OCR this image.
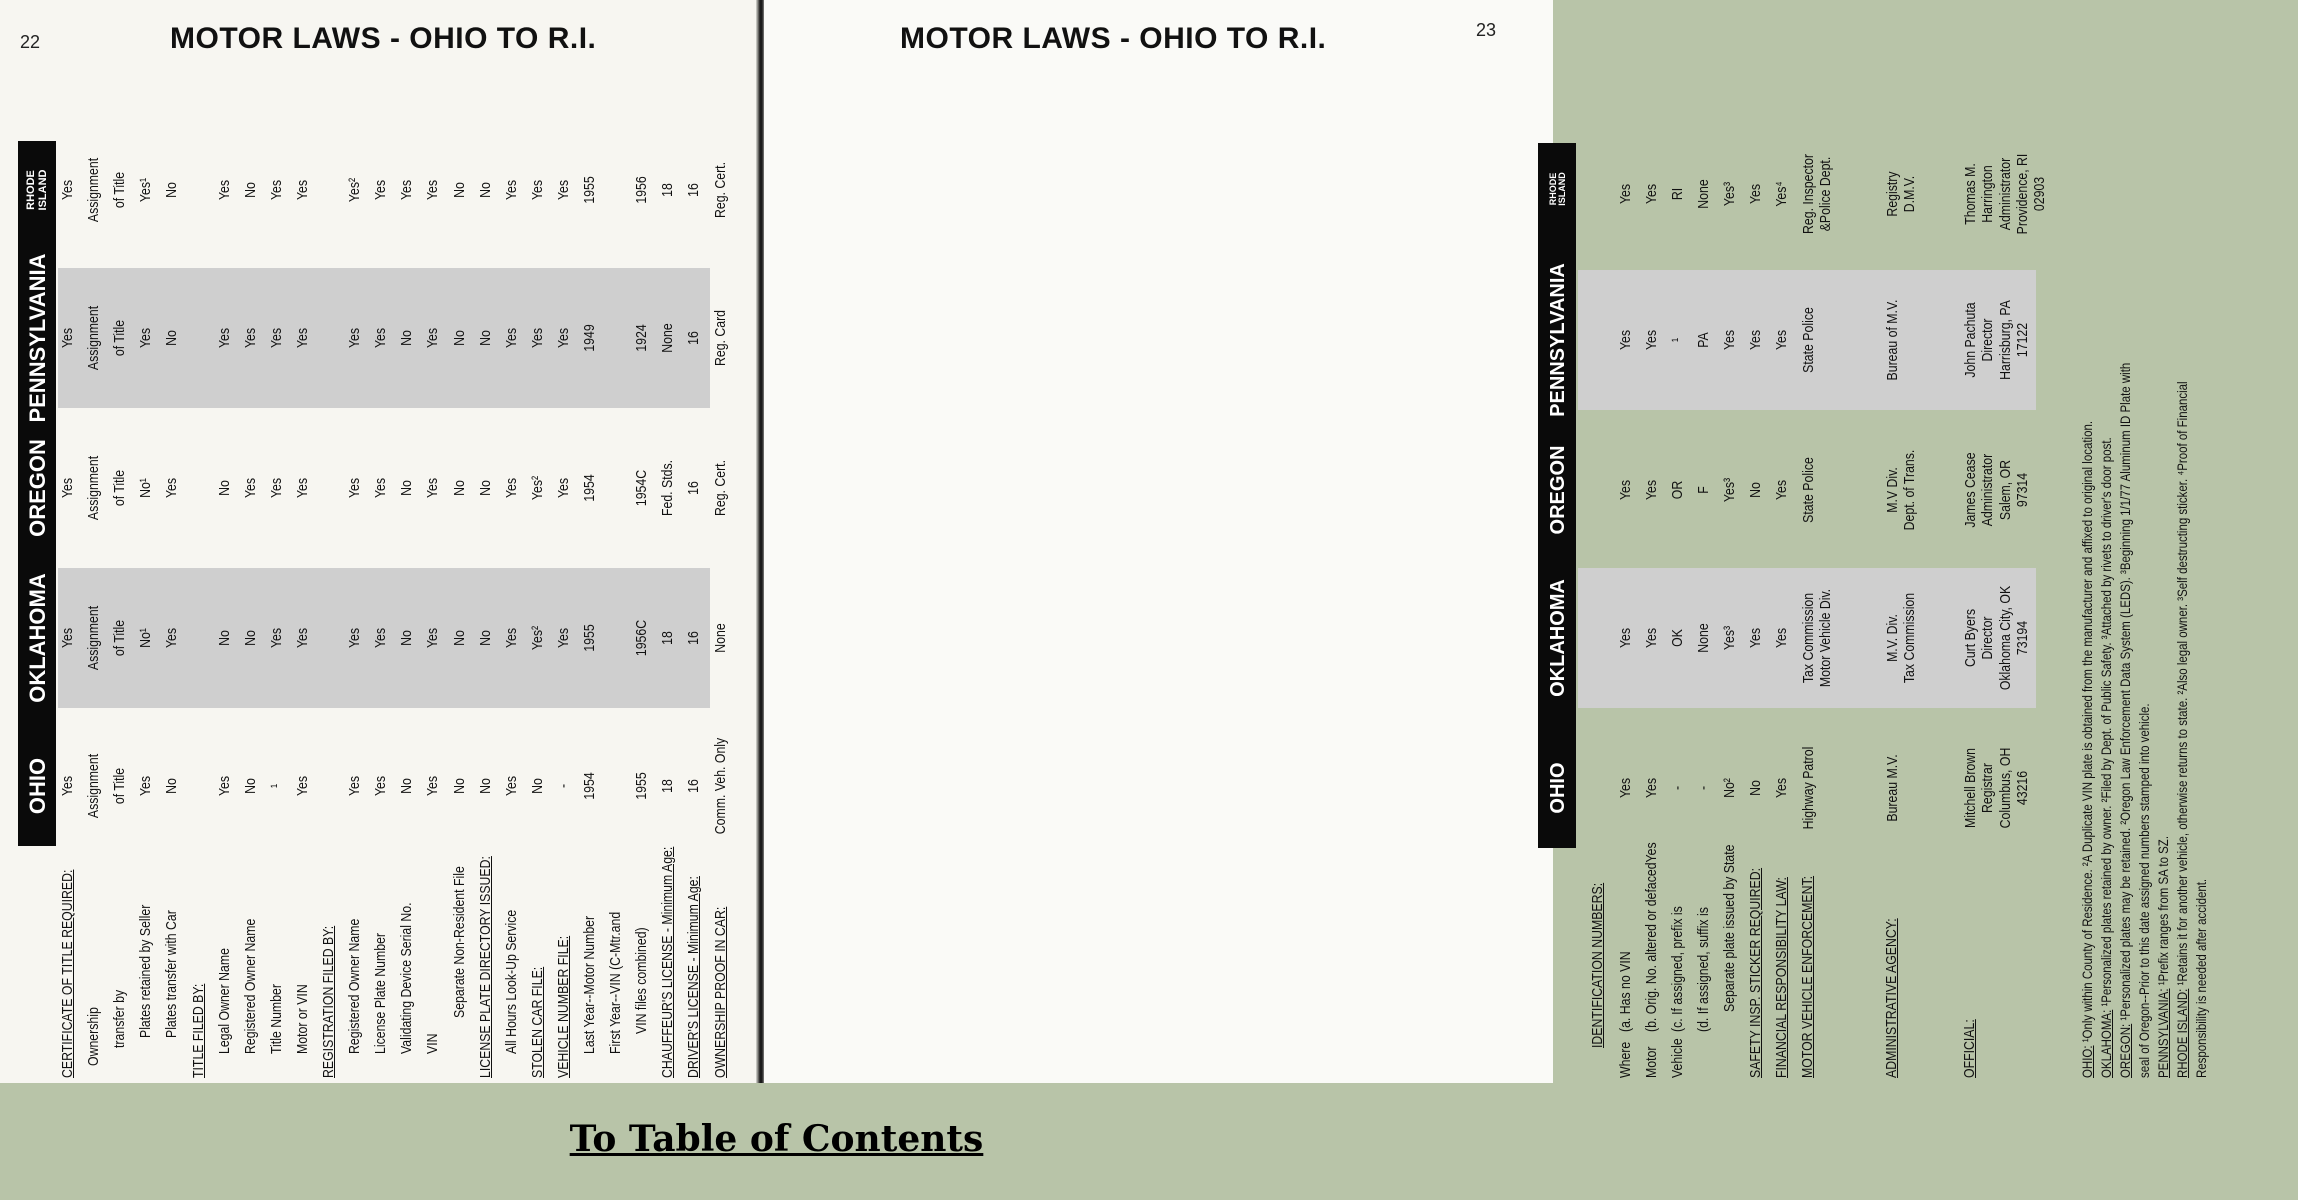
22	MOTOR LAWS - OHIO TO R.I.
OHIO
OKLAHOMA
OREGON
PENNSYLVANIA
RHODE ISLAND
CERTIFICATE OF TITLE REQUIRED:
Yes
Yes
Yes
Yes
Yes
Ownership
Assignment
Assignment
Assignment
Assignment
Assignment
transfer by
of Title
of Title
of Title
of Title
of Title
Plates retained by Seller
Yes
No¹
No¹
Yes
Yes¹
Plates transfer with Car
No
Yes
Yes
No
No
TITLE FILED BY: Legal Owner Name
Yes
No
No
Yes
Yes
Registered Owner Name
No
No
Yes
Yes
No
Title Number
¹
Yes
Yes
Yes
Yes
Motor or VIN
Yes
Yes
Yes
Yes
Yes
REGISTRATION FILED BY: Registered Owner Name
Yes
Yes
Yes
Yes
Yes²
License Plate Number
Yes
Yes
Yes
Yes
Yes
Validating Device Serial No.
No
No
No
No
Yes
VIN
Yes
Yes
Yes
Yes
Yes
Separate Non-Resident File
No
No
No
No
No
LICENSE PLATE DIRECTORY ISSUED:
No
No
No
No
No
All Hours Look-Up Service
Yes
Yes
Yes
Yes
Yes
STOLEN CAR FILE:
No
Yes²
Yes²
Yes
Yes
VEHICLE NUMBER FILE:
-
Yes
Yes
Yes
Yes
Last Year--Motor Number
1954
1955
1954
1949
1955
First Year--VIN (C-Mtr.and VIN files combined)
1955
1956C
1954C
1924
1956
CHAUFFEUR'S LICENSE - Minimum Age:
18
18
Fed. Stds.
None
18
DRIVER'S LICENSE - Minimum Age:
16
16
16
16
16
OWNERSHIP PROOF IN CAR:
Comm. Veh. Only
None
Reg. Cert.
Reg. Card
Reg. Cert.
MOTOR LAWS - OHIO TO R.I.	23
OHIO
OKLAHOMA
OREGON
PENNSYLVANIA
RHODE ISLAND
IDENTIFICATION NUMBERS:
Where
(a. Has no VIN
Yes
Yes
Yes
Yes
Yes
Motor
(b. Orig. No. altered or defacedYes
Yes
Yes
Yes
Yes
Yes
Vehicle
(c. If assigned, prefix is
-
OK
OR
¹
RI
(d. If assigned, suffix is
-
None
F
PA
None
Separate plate issued by State
No²
Yes³
Yes³
Yes
Yes³
SAFETY INSP. STICKER REQUIRED:
No
Yes
No
Yes
Yes
FINANCIAL RESPONSIBILITY LAW:
Yes
Yes
Yes
Yes
Yes⁴
MOTOR VEHICLE ENFORCEMENT:
Highway Patrol
Tax Commission Motor Vehicle Div.
State Police
State Police
Reg. Inspector &Police Dept.
ADMINISTRATIVE AGENCY:
Bureau M.V.
M.V. Div. Tax Commission
M.V Div. Dept. of Trans.
Bureau of M.V.
Registry D.M.V.
OFFICIAL:
Mitchell Brown Registrar Columbus, OH 43216
Curt Byers Director Oklahoma City, OK 73194
James Cease Administrator Salem, OR 97314
John Pachuta Director Harrisburg, PA 17122
Thomas M. Harrington Administrator Providence, RI 02903
OHIO: ¹Only within County of Residence. ²A Duplicate VIN plate is obtained from the manufacturer and affixed to original location. OKLAHOMA: ¹Personalized plates retained by owner. ²Filed by Dept. of Public Safety. ³Attached by rivets to driver's door post.
OREGON: ¹Personalized plates may be retained. ²Oregon Law Enforcement Data System (LEDS). ³Beginning 1/1/77 Aluminum ID Plate with seal of Oregon--Prior to this date assigned numbers stamped into vehicle. PENNSYLVANIA: ¹Prefix ranges from SA to SZ.
RHODE ISLAND: ¹Retains it for another vehicle, otherwise returns to state. ²Also legal owner. ³Self destructing sticker. ⁴Proof of Financial Responsibility is needed after accident.
To Table of Contents
